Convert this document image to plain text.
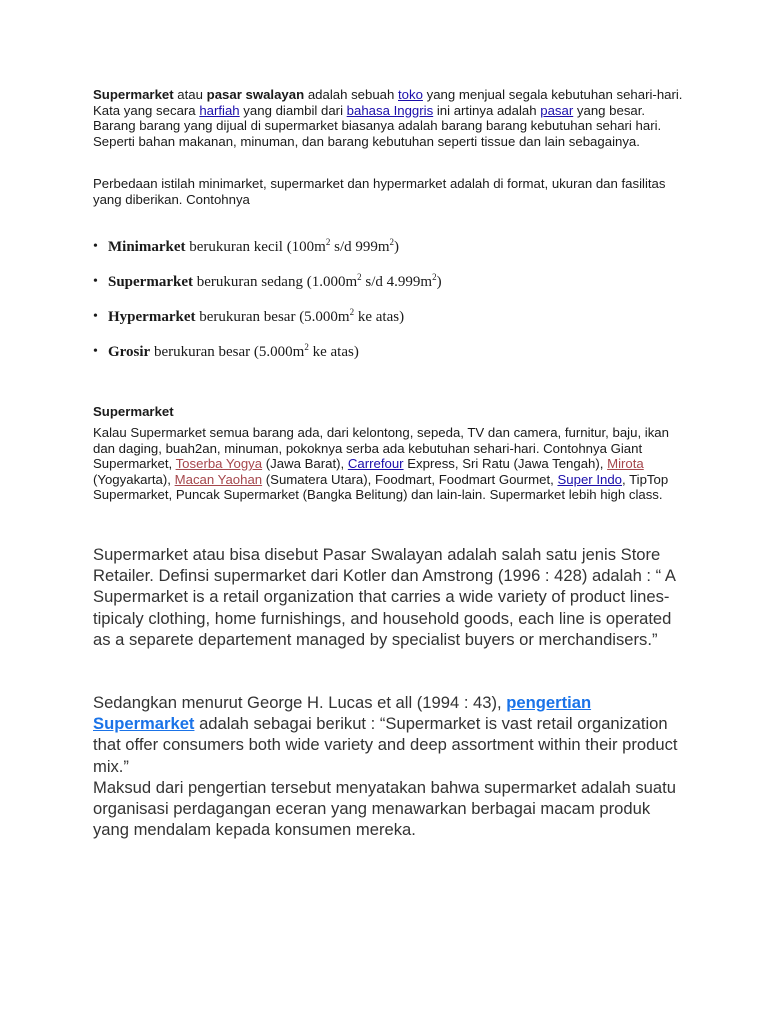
Supermarket atau pasar swalayan adalah sebuah toko yang menjual segala kebutuhan sehari-hari. Kata yang secara harfiah yang diambil dari bahasa Inggris ini artinya adalah pasar yang besar. Barang barang yang dijual di supermarket biasanya adalah barang barang kebutuhan sehari hari. Seperti bahan makanan, minuman, dan barang kebutuhan seperti tissue dan lain sebagainya.

Perbedaan istilah minimarket, supermarket dan hypermarket adalah di format, ukuran dan fasilitas yang diberikan. Contohnya

• Minimarket berukuran kecil ($100m^2$ s/d $999m^2$)
• Supermarket berukuran sedang ($1.000m^2$ s/d $4.999m^2$)
• Hypermarket berukuran besar ($5.000m^2$ ke atas)
• Grosir berukuran besar ($5.000m^2$ ke atas)
Supermarket

Kalau Supermarket semua barang ada, dari kelontong, sepeda, TV dan camera, furnitur, baju, ikan dan daging, buah2an, minuman, pokoknya serba ada kebutuhan sehari-hari. Contohnya Giant Supermarket, Toserba Yogya (Jawa Barat), Carrefour Express, Sri Ratu (Jawa Tengah), Mirota (Yogyakarta), Macan Yaohan (Sumatera Utara), Foodmart, Foodmart Gourmet, Super Indo, TipTop Supermarket, Puncak Supermarket (Bangka Belitung) dan lain-lain. Supermarket lebih high class.

Supermarket atau bisa disebut Pasar Swalayan adalah salah satu jenis Store Retailer. Definsi supermarket dari Kotler dan Amstrong (1996 : 428) adalah : “ A Supermarket is a retail organization that carries a wide variety of product lines-tipicaly clothing, home furnishings, and household goods, each line is operated as a separete departement managed by specialist buyers or merchandisers.”

Sedangkan menurut George H. Lucas et all (1994 : 43), pengertian Supermarket adalah sebagai berikut : “Supermarket is vast retail organization that offer consumers both wide variety and deep assortment within their product mix.”

Maksud dari pengertian tersebut menyatakan bahwa supermarket adalah suatu organisasi perdagangan eceran yang menawarkan berbagai macam produk yang mendalam kepada konsumen mereka.
